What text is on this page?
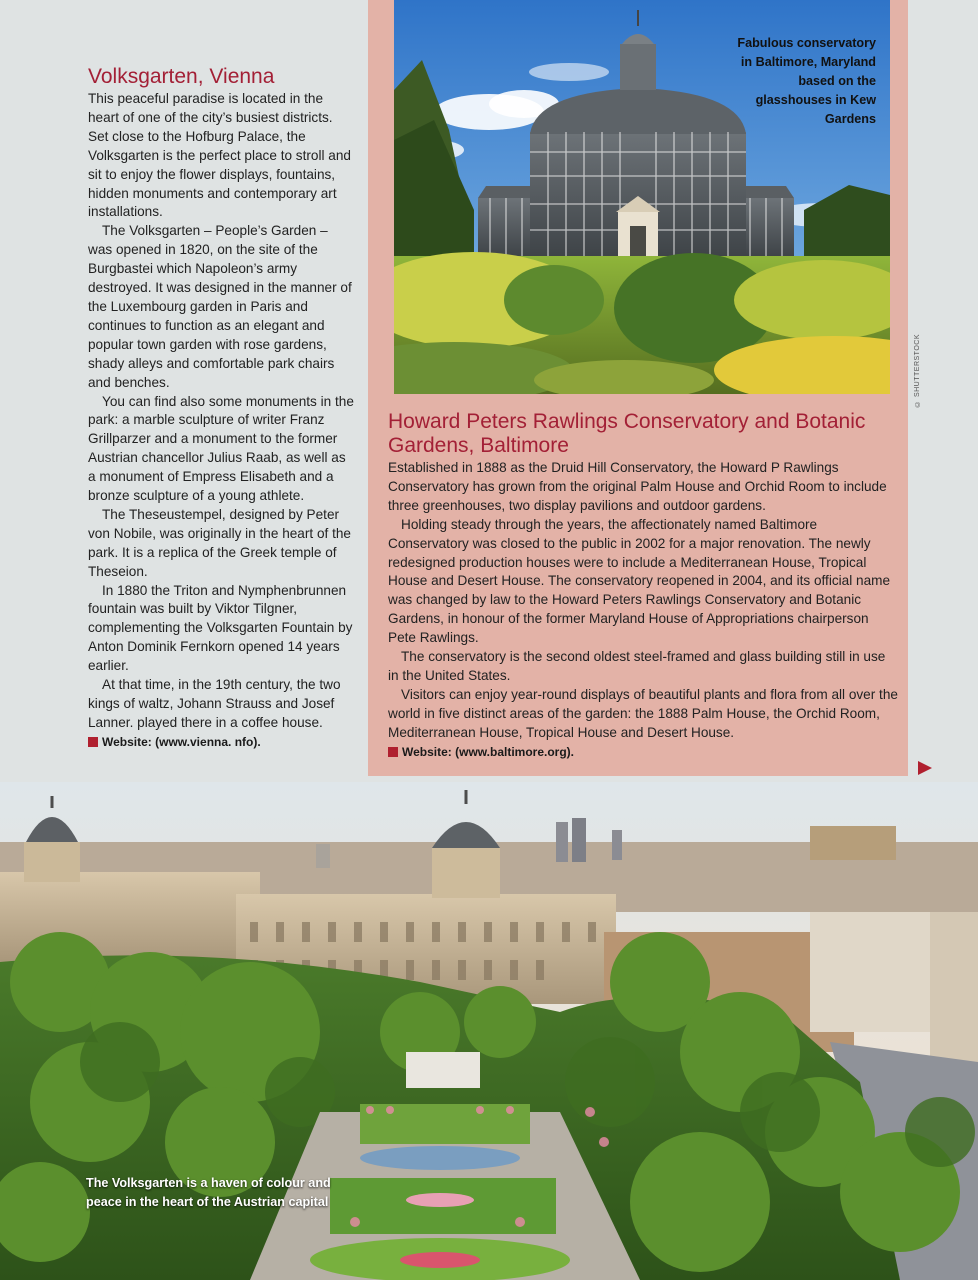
Volksgarten, Vienna

This peaceful paradise is located in the heart of one of the city’s busiest districts. Set close to the Hofburg Palace, the Volksgarten is the perfect place to stroll and sit to enjoy the flower displays, fountains, hidden monuments and contemporary art installations.

The Volksgarten – People’s Garden – was opened in 1820, on the site of the Burgbastei which Napoleon’s army destroyed. It was designed in the manner of the Luxembourg garden in Paris and continues to function as an elegant and popular town garden with rose gardens, shady alleys and comfortable park chairs and benches.

You can find also some monuments in the park: a marble sculpture of writer Franz Grillparzer and a monument to the former Austrian chancellor Julius Raab, as well as a monument of Empress Elisabeth and a bronze sculpture of a young athlete.

The Theseustempel, designed by Peter von Nobile, was originally in the heart of the park. It is a replica of the Greek temple of Theseion.

In 1880 the Triton and Nymphenbrunnen fountain was built by Viktor Tilgner, complementing the Volksgarten Fountain by Anton Dominik Fernkorn opened 14 years earlier.

At that time, in the 19th century, the two kings of waltz, Johann Strauss and Josef Lanner. played there in a coffee house.

Website: (www.vienna. nfo).
Fabulous conservatory in Baltimore, Maryland based on the glasshouses in Kew Gardens
Howard Peters Rawlings Conservatory and Botanic Gardens, Baltimore

Established in 1888 as the Druid Hill Conservatory, the Howard P Rawlings Conservatory has grown from the original Palm House and Orchid Room to include three greenhouses, two display pavilions and outdoor gardens.

Holding steady through the years, the affectionately named Baltimore Conservatory was closed to the public in 2002 for a major renovation. The newly redesigned production houses were to include a Mediterranean House, Tropical House and Desert House. The conservatory reopened in 2004, and its official name was changed by law to the Howard Peters Rawlings Conservatory and Botanic Gardens, in honour of the former Maryland House of Appropriations chairperson Pete Rawlings.

The conservatory is the second oldest steel-framed and glass building still in use in the United States.

Visitors can enjoy year-round displays of beautiful plants and flora from all over the world in five distinct areas of the garden: the 1888 Palm House, the Orchid Room, Mediterranean House, Tropical House and Desert House.

Website: (www.baltimore.org).
© SHUTTERSTOCK
The Volksgarten is a haven of colour and peace in the heart of the Austrian capital
